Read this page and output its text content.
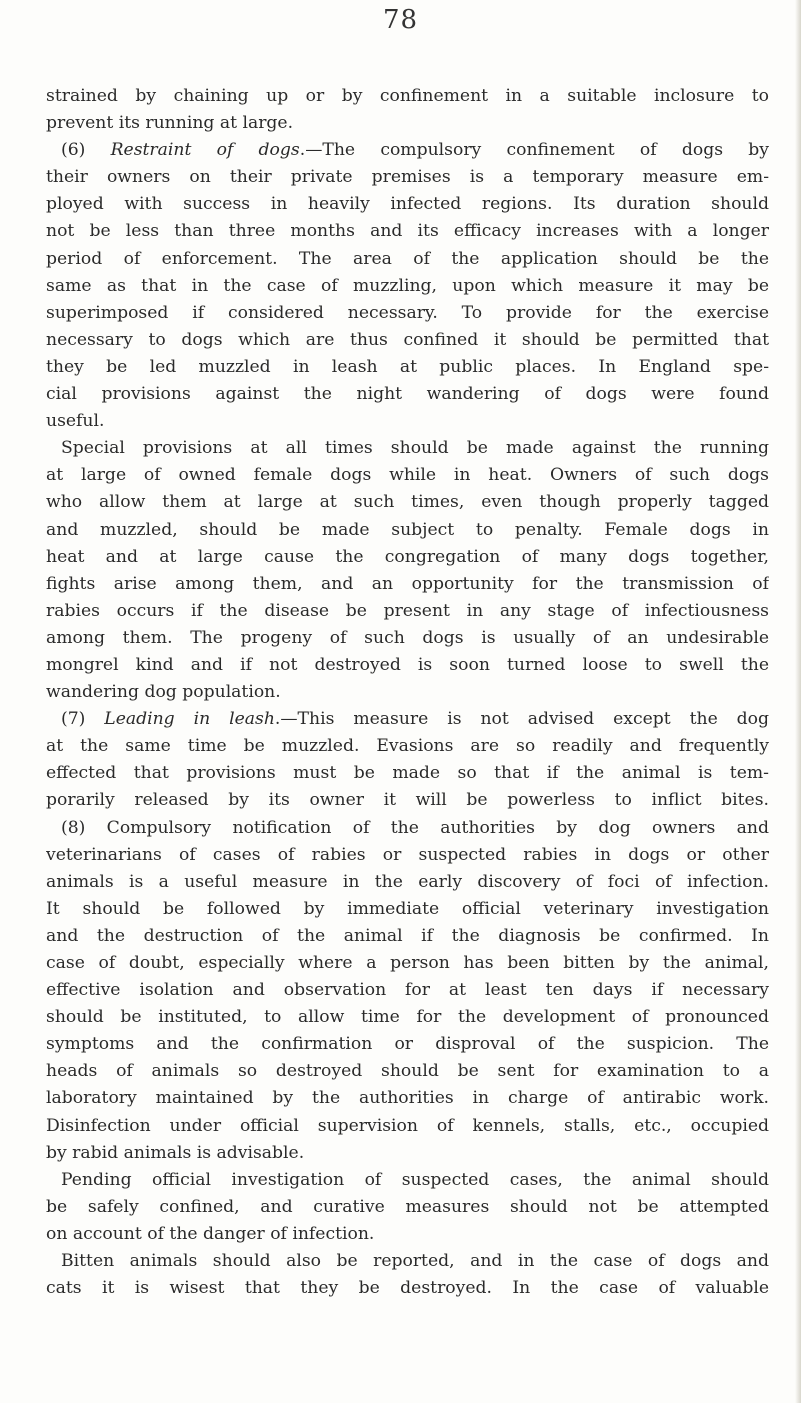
78
strained by chaining up or by confinement in a suitable inclosure to
prevent its running at large.
(6) Restraint of dogs.—The compulsory confinement of dogs by
their owners on their private premises is a temporary measure em-
ployed with success in heavily infected regions. Its duration should
not be less than three months and its efficacy increases with a longer
period of enforcement. The area of the application should be the
same as that in the case of muzzling, upon which measure it may be
superimposed if considered necessary. To provide for the exercise
necessary to dogs which are thus confined it should be permitted that
they be led muzzled in leash at public places. In England spe-
cial provisions against the night wandering of dogs were found
useful.
Special provisions at all times should be made against the running
at large of owned female dogs while in heat. Owners of such dogs
who allow them at large at such times, even though properly tagged
and muzzled, should be made subject to penalty. Female dogs in
heat and at large cause the congregation of many dogs together,
fights arise among them, and an opportunity for the transmission of
rabies occurs if the disease be present in any stage of infectiousness
among them. The progeny of such dogs is usually of an undesirable
mongrel kind and if not destroyed is soon turned loose to swell the
wandering dog population.
(7) Leading in leash.—This measure is not advised except the dog
at the same time be muzzled. Evasions are so readily and frequently
effected that provisions must be made so that if the animal is tem-
porarily released by its owner it will be powerless to inflict bites.
(8) Compulsory notification of the authorities by dog owners and
veterinarians of cases of rabies or suspected rabies in dogs or other
animals is a useful measure in the early discovery of foci of infection.
It should be followed by immediate official veterinary investigation
and the destruction of the animal if the diagnosis be confirmed. In
case of doubt, especially where a person has been bitten by the animal,
effective isolation and observation for at least ten days if necessary
should be instituted, to allow time for the development of pronounced
symptoms and the confirmation or disproval of the suspicion. The
heads of animals so destroyed should be sent for examination to a
laboratory maintained by the authorities in charge of antirabic work.
Disinfection under official supervision of kennels, stalls, etc., occupied
by rabid animals is advisable.
Pending official investigation of suspected cases, the animal should
be safely confined, and curative measures should not be attempted
on account of the danger of infection.
Bitten animals should also be reported, and in the case of dogs and
cats it is wisest that they be destroyed. In the case of valuable
